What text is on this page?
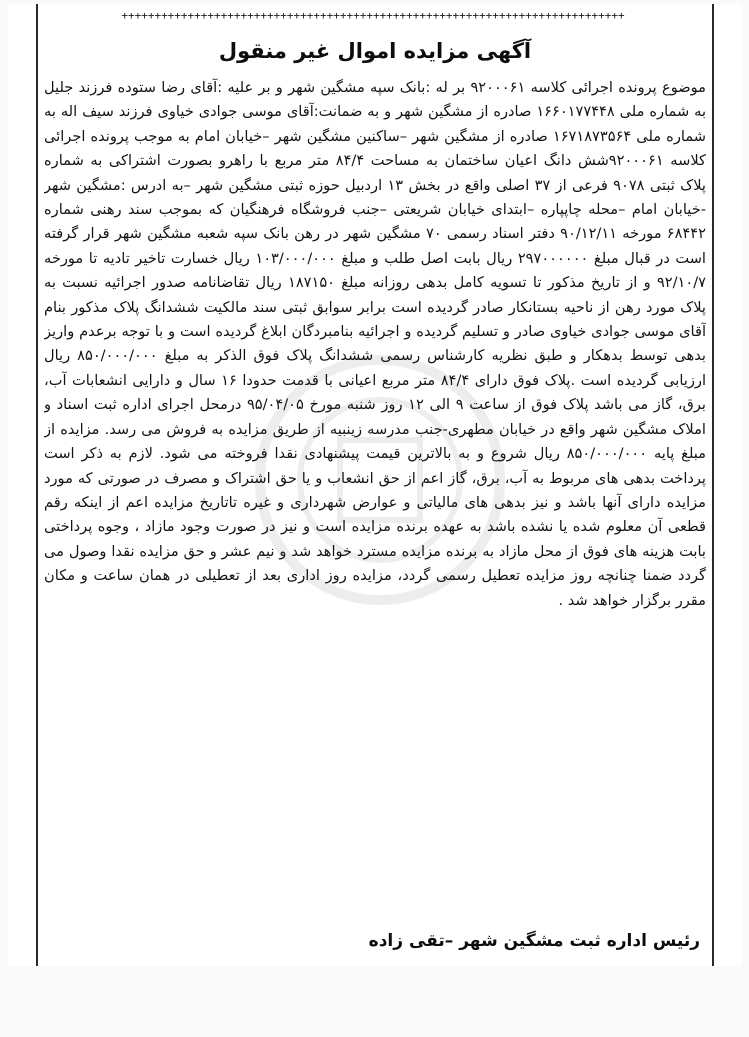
++++++++++++++++++++++++++++++++++++++++++++++++++++++++++++++++++++++++++++
آگهی مزایده اموال غیر منقول
موضوع پرونده اجرائی کلاسه ۹۲۰۰۰۶۱ بر له :بانک سپه مشگین شهر و بر علیه :آقای رضا ستوده فرزند جلیل به شماره ملی ۱۶۶۰۱۷۷۴۴۸ صادره از مشگین شهر و به ضمانت:آقای موسی جوادی خیاوی فرزند سیف اله به شماره ملی ۱۶۷۱۸۷۳۵۶۴ صادره از مشگین شهر –ساکنین مشگین شهر –خیابان امام به موجب پرونده اجرائی کلاسه ۹۲۰۰۰۶۱شش دانگ اعیان ساختمان به مساحت ۸۴/۴ متر مربع با راهرو بصورت اشتراکی به شماره پلاک ثبتی ۹۰۷۸ فرعی از ۳۷ اصلی واقع در بخش ۱۳ اردبیل حوزه ثبتی مشگین شهر –به ادرس :مشگین شهر -خیابان امام –محله چاپپاره –ابتدای خیابان شریعتی –جنب فروشگاه فرهنگیان که بموجب سند رهنی شماره ۶۸۴۴۲ مورخه ۹۰/۱۲/۱۱ دفتر اسناد رسمی ۷۰ مشگین شهر در رهن بانک سپه شعبه مشگین شهر قرار گرفته است در قبال مبلغ ۲۹۷۰۰۰۰۰۰ ریال بابت اصل طلب و مبلغ ۱۰۳/۰۰۰/۰۰۰ ریال خسارت تاخیر تادیه تا مورخه ۹۲/۱۰/۷ و از تاریخ مذکور تا تسویه کامل بدهی روزانه مبلغ ۱۸۷۱۵۰ ریال تقاضانامه صدور اجرائیه نسبت به پلاک مورد رهن از ناحیه بستانکار صادر گردیده است برابر سوابق ثبتی سند مالکیت ششدانگ پلاک مذکور بنام آقای موسی جوادی خیاوی صادر و تسلیم گردیده و اجرائیه بنامبردگان ابلاغ گردیده است و با توجه برعدم واریز بدهی توسط بدهکار و طبق نظریه کارشناس رسمی ششدانگ پلاک فوق الذکر به مبلغ ۸۵۰/۰۰۰/۰۰۰ ریال ارزیابی گردیده است .پلاک فوق دارای ۸۴/۴ متر مربع اعیانی با قدمت حدودا ۱۶ سال و دارایی انشعابات آب، برق، گاز می باشد پلاک فوق از ساعت ۹ الی ۱۲ روز شنبه مورخ ۹۵/۰۴/۰۵ درمحل اجرای اداره ثبت اسناد و املاک مشگین شهر واقع در خیابان مطهری-جنب مدرسه زینبیه از طریق مزایده به فروش می رسد. مزایده از مبلغ پایه ۸۵۰/۰۰۰/۰۰۰ ریال شروع و به بالاترین قیمت پیشنهادی نقدا فروخته می شود. لازم به ذکر است پرداخت بدهی های مربوط به آب، برق، گاز اعم از حق انشعاب و یا حق اشتراک و مصرف در صورتی که مورد مزایده دارای آنها باشد و نیز بدهی های مالیاتی و عوارض شهرداری و غیره تاتاریخ مزایده اعم از اینکه رقم قطعی آن معلوم شده یا نشده باشد به عهده برنده مزایده است و نیز در صورت وجود مازاد ، وجوه پرداختی بابت هزینه های فوق از محل مازاد به برنده مزایده مسترد خواهد شد و نیم عشر و حق مزایده نقدا وصول می گردد ضمنا چنانچه روز مزایده تعطیل رسمی گردد، مزایده روز اداری بعد از تعطیلی در همان ساعت و مکان مقرر برگزار خواهد شد .
رئیس اداره ثبت مشگین شهر –تقی زاده
